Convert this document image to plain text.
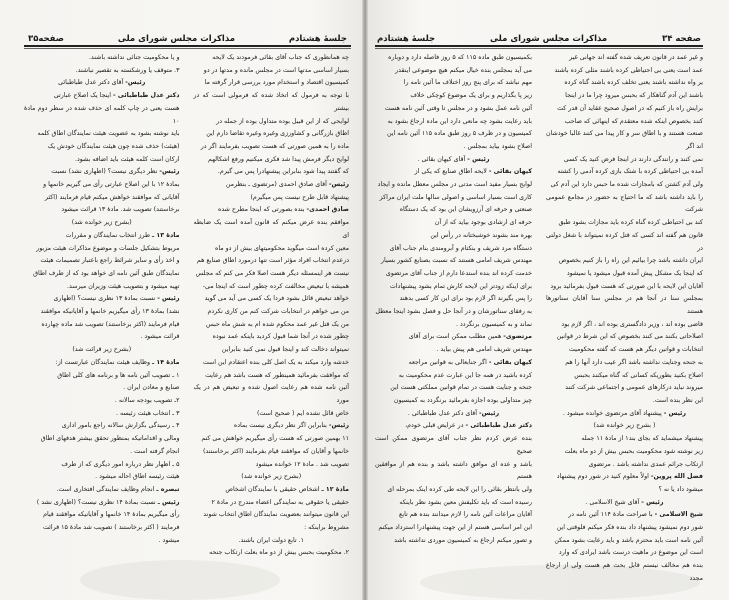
جلسهٔ هشتادم
مذاکرات مجلس شورای ملی
صفحه۳۵

چه همانطوری که جناب آقای بقائی فرمودند یک لایحه

بسیار اساسی مدتها است در مجلس مانده و مدتها در دو

کمیسیون اقتصاد و استخدام مورد بررسی قرار گرفته ما

با توجه به فرمول که اتخاذ شده که فرمولی است که در بیشتر

لوایحی که از این قبیل بوده متداول بوده از جمله در

اطاق بازرگانی و کشاورزی وغیره وغیره تقاضا دارم این

ماده را به همین صورتی که هست تصویب بفرمایند اگر در

لوایح دیگر فرمش پیدا شد فکری میکنیم ورفع اشکالهم

که گفتند پیدا شود بنابراین پیشنهادرا پس می گیرم.

رئیس- آقای صادق احمدی (مرتضوی ـ بنظرمن

پیشنهاد قابل طرح نیست پس میگیرم)

صادق احمدی- بنده بصورتی که اینجا مطرح شده

موافقم بنده عرض میکنم که قانون آمده است یک ضابطه ای

معین کرده است میگوید محکومیتهای بیش از دو ماه

درعدم انتخاب افراد مؤثر است تنها درمورد اطاق صنایع هم

نیست هر اینمسئله دیگر هست اصلا فکر می کنم که مجلس

همیشه با تبعیض مخالفت کرده چطور است که اینجا می-

خواهد تبعیض قائل بشود فردا یک کسی می آید می گوید

من می خواهم در انتخابات شرکت کنم من کاری نکردم

من یک قتل غیر عمد محکوم شده ام به شش ماه حبس

چطور شده در آنجا شما قبول کردید باینکه عمد نبوده

نمیتواند دخالت کند و اینجا قبول نمی کنید بنابراین

خدشه وارد میکند به یک اصل کلی بنده اعتقادم این است

که موافقت بفرمائید همینطور که هست باشد هم رعایت

آئین نامه شده هم رعایت اصول شده و تبعیض هم در یک مورد

خاص قائل نشده ایم ( صحیح است)

رئیس- بنابراین اگر نظر دیگری نیست بماده

۱۱ بهمین صورتی که هست رأی میگیریم خواهش می کنم

خانمها و آقایان که موافقند قیام بفرمایند (اکثر برخاستند)

تصویب شد . مادهٔ ۱۲ خوانده میشود

(بشرح زیر خوانده شد)

مادهٔ ۱۲ ـ اشخاص حقیقی با نمایندگان اشخاص

حقیقی یا حقوقی به نمایندگی اعضاء مندرج در مادهٔ ۲

این قانون میتوانند بعضویت نمایندگان اطاق انتخاب شوند

مشروط براینکه :

۱. تابع دولت ایران باشند.

۲. محکومیت بحبس بیش از دو ماه بعلت ارتکاب جنحه

و یا محکومیت جنائی نداشته باشند.

۳. متوقف یا ورشکسته به تقصیر نباشند.

رئیس- آقای دکتر عدل طباطبائی

دکتر عدل طباطبائی - اینجا یک اصلاح عبارتی

هست یعنی در چاپ کلمه ای حذف شده در سطر دوم مادهٔ ۱۰

باید نوشته بشود به عضویت هیئت نمایندگان اطاق کلمه

(هیئت) حذف شده چون هیئت نمایندگان خودش یک

ارکان است کلمه هیئت باید اضافه بشود.

رئیس- نظر دیگری نیست؟ (اظهاری نشد) نسبت

بمادهٔ ۱۲ با این اصلاح عبارتی رأی می گیریم خانمها و

آقایانی که موافقند خواهش میکنم قیام فرمایند (اکثر

برخاستند) تصویب شد. مادهٔ ۱۳ قرائت میشود

(بشرح زیر خوانده شد)

مادهٔ ۱۳ ـ طرز انتخاب نمایندگان و مقررات

مربوط بتشکیل جلسات و موضوع مذاکرات هیئت مزبور

و اخذ رأی و سایر شرائط راجع باعتبار تصمیمات هیئت

نمایندگان طبق آئین نامه ای خواهد بود که از طرف اطاق

تهیه میشود و بتصویب هیئت وزیران میرسد.

رئیس - نسبت بمادهٔ ۱۳ نظری نیست؟ (اظهاری

نشد) بمادهٔ ۱۳ رأی میگیریم خانمها و آقایانیکه موافقند

قیام فرمایند (اکثر برخاستند) تصویب شد ماده چهارده

قرائت میشود .

(بشرح زیر قرائت شد)

مادهٔ ۱۴ ـ وظایف هیئت نمایندگان عبارتست از:

۱ ـ تصویب آئین نامه ها و برنامه های کلی اطاق

صنایع و معادن ایران .

۲ـ تصویب بودجه سالانه .

۳ ـ انتخاب هیئت رئیسه .

۴ ـ رسیدگی بگزارش سالانه راجع بامور اداری

ومالی و اقداماتیکه بمنظور تحقق بیشتر هدفهای اطاق

انجام گرفته است .

۵ ـ اظهار نظر درباره امور دیگری که از طرف

هیئت رئیسه اطاق احاله میشود .

تبصره ـ انجام وظایف نمایندگی افتخاری است.

رئیس ـ نسبت بمادهٔ ۱۴ نظری نیست؟ (اظهاری نشد )

رأی میگیریم بمادهٔ ۱۴ خانمها و آقایانیکه موافقند قیام

فرمایند ( اکثر برخاستند ) تصویب شد مادهٔ ۱۵ قرائت

میشود .

صفحه ۳۴
مذاکرات مجلس شورای ملی
جلسهٔ هشتادم

و غیر عمد در قانون تعریف شده گفته اند جهانی غیر

عمد است یعنی بی احتیاطی کرده باشند مثلی کرده باشند

یر واه نداشته باشند یعنی تخلف کرده باشند گناه کرده

باشند این آدم گناهکار که بحبس میرود چرا ما در اینجا

برایش راه باز کنیم که در اصول صحیح عقاید آن قدر کث

کنند بخصوص اینکه شده معتقدم که اینهائی که صاحب

صنعت هستند و با اطاق سر و کار پیدا می کنند غالبا خودشان اند اگر

نمی کنند و رانندگی دارند در اینجا فرض کنید یک کسی

آمده بی احتیاطی کرده با شتک بازی کرده آدمی را کشته

ولی آدم کشتن که بامجازات شده ما حبس دارد این آدم کی

را باید داشته باشد که ما احتیاج به حضور در مجامع عمومی شرکت

کند بی احتیاطی کرده گناه کرده باید مجازات بشود طبق

قانون هم گفته اند کسی که قتل کرده نمیتواند با شغل دولتی در

ایران داشته باشد چرا بیائیم این راه را باز کنیم بخصوص

که اینجا یک مشکل پیش آمده قبول میشود یا نمیشود

آقایان این لایحه با این صورتی که هست قبول بفرمائید برود

بمجلس سنا در آنجا هم در مجلس سنا آقایان سناتورها هستند

قاضی بوده اند ، وزیر دادگستری بوده اند ، اگر لازم بود

اصلاحاتی بکنند می کنند بخصوص که این شرط در قوانین

انتخابات و قوانین دیگر هم هست که گفته محکومیت

به جنحه وجنایت نداشته باشد اگر عیب دارد آنها را هم

اصلاح بکنید بطوریکه کسانی که گناه میکنند بحبس

میروند نباید درکارهای عمومی و اجتماعی شرکت کنند

این نظر بنده است.

رئیس - پیشنهاد آقای مرتضوی خوانده میشود .

( بشرح زیر خوانده شد)

پیشنهاد میشماید که بجای بند۱ از مادهٔ ۱۱ جمله

زیر نوشته شود محکومیت بحبس بیش از دو ماه بعلت

ارتکاب جرائم عمدی نداشته باشد . مرتضوی

فضل الله پروین- اولاً معلوم کنید در شور دوم پیشنهاد

میشود داد یا نه ؟

رئیس - آقای شیخ الاسلامی .

شیخ الاسلامی - با صراحت مادهٔ ۱۱۴ آئین نامه در

شور دوم نمیشود پیشنهاد داد بنده فکر میکنم فلوقتی این

آئین نامه است باید محترم باشد و باید رعایت بشود ممکن

است این موضوع در ماهیت درست باشد ایرادی که وارد

بنده هم مخالف نیستم قابل بحث هم هست ولی از ارجاع مجدد

بکمیسیون طبق ماده ۱۱۵ که ۵ روز فاصله دارد و دوباره

می آید بمجلس بنده خیال میکنم هیچ موضوعی اینقدر

مهم نباشد که برای پنج روز اختلاف ما آئین نامه را

زیر پا بگذاریم و برای یک موضوع کوچکی خلاف

آئین نامه عمل بشود و در مجلس تا وقتی آئین نامه هست

باید رعایت بشود چه مانعی دارد این ماده ارجاع بشود به

کمیسیون و در ظرف ۵ روز طبق ماده ۱۱۵ آئین نامه این

اصلاح بشود بیاید بمجلس .

رئیس - آقای کیهان بقائی .

کیهان بقائی - لایحه اطاق صنایع که یکی از

لوایح بسیار مفید است مدتی در مجلس معطل مانده و ایجاد

کاری است بسیار اساسی و اصولی سالها ملت ایران مراکز

صنعتی و حرفه ای آرزویشان این بود که یک دستگاه

حرفه ای ارشادی بوجود بیاید که از آن

بهره مند بشوند خوشبختانه در رأس این

دستگاه مرد شریف و بنکتام و آبرومندی بنام جناب آقای

مهندس شریف امامی هستند که نسبت بصنایع کشور بسیار

خدمت کرده اند بنده استدعا دارم از جناب آقای مرتضوی

برای اینکه زودتر این لایحه کارش تمام بشود پیشنهادات

را پس بگیرند اگر لازم بود برای این کار کسی بدهند

به رفقای سناتورشان و در آنجا حل و فصل بشود اینجا معطل

نماند و به کمیسیون برنگردد .

مرتضوی- همین مطلب ممکن است برای آقای

مهندس شریف امامی هم پیش بیاید .

کیهان بقائی - اگر جنابعالی به قوانین مراجعه

کرده باشید در همه جا این عبارت عدم محکومیت به

جنحه و جنایت هست در تمام قوانین مملکتی هست این

چیز متداولی بوده اجازه بفرمائید برنگردد به کمیسیون

رئیس- آقای دکتر عدل طباطبائی .

دکتر عدل طباطبائی - در عرایض قبلی خودم،

بنده عرض کردم نظر جناب آقای مرتضوی ممکن است صحیح

باشد و عده ای موافق داشته باشد و بنده هم از موافقین هستم

ولی بانتظر بقائی را این لایحه طی کرده اینک بمرحله ای

رسیده است که باید تکلیفش معین بشود نظر باینکه

آقایان مراعات آئین نامه را لازم میدانند بنده هم تابع

این امر اساسی هستم از این جهت پیشنهادرا استرداد میکنم

و تصور میکنم ارجاع به کمیسیون موردی نداشته باشد
